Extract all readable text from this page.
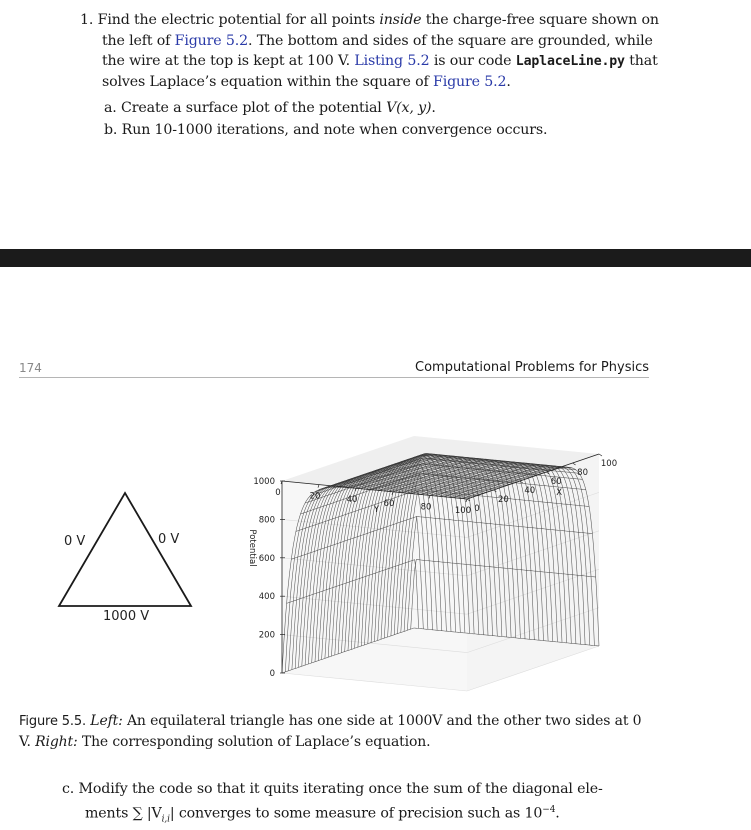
1. Find the electric potential for all points inside the charge-free square shown on
the left of Figure 5.2. The bottom and sides of the square are grounded, while
the wire at the top is kept at 100 V. Listing 5.2 is our code LaplaceLine.py that
solves Laplace’s equation within the square of Figure 5.2.
a. Create a surface plot of the potential V(x, y).
b. Run 10-1000 iterations, and note when convergence occurs.
174	Computational Problems for Physics
0 V	0 V
1000 V
0
200
400
600
800
1000
Potential
0	20	40	60	80	100
Y	0
20
40
60
80
100
X
Figure 5.5. Left: An equilateral triangle has one side at 1000V and the other two sides at 0
V. Right: The corresponding solution of Laplace’s equation.
c. Modify the code so that it quits iterating once the sum of the diagonal ele-
ments ∑ $|V_{i,i}|$ converges to some measure of precision such as $10^{-4}$.
